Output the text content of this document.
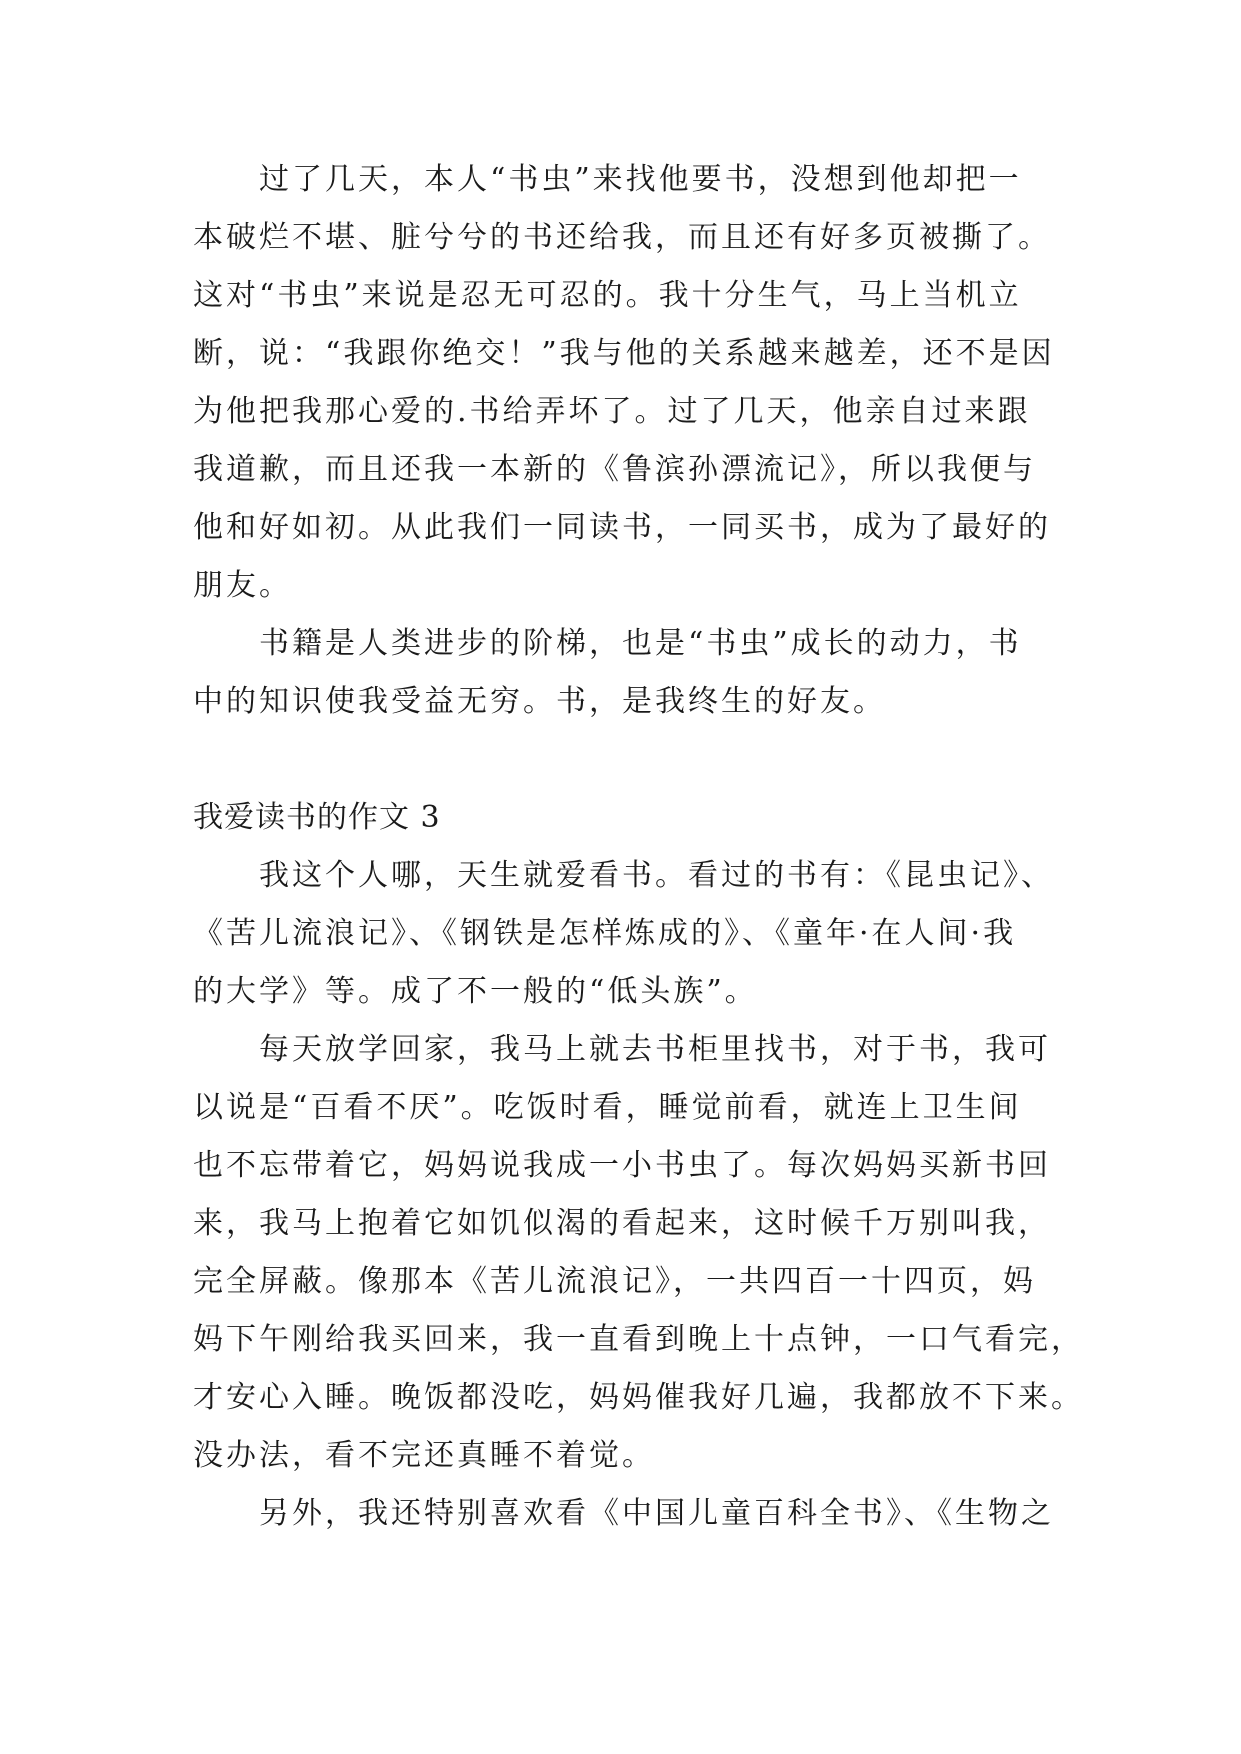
过了几天，本人“书虫”来找他要书，没想到他却把一

本破烂不堪、脏兮兮的书还给我，而且还有好多页被撕了。

这对“书虫”来说是忍无可忍的。我十分生气，马上当机立

断，说：“我跟你绝交！”我与他的关系越来越差，还不是因

为他把我那心爱的.书给弄坏了。过了几天，他亲自过来跟

我道歉，而且还我一本新的《鲁滨孙漂流记》，所以我便与

他和好如初。从此我们一同读书，一同买书，成为了最好的

朋友。

书籍是人类进步的阶梯，也是“书虫”成长的动力，书

中的知识使我受益无穷。书，是我终生的好友。

我爱读书的作文 3

我这个人哪，天生就爱看书。看过的书有：《昆虫记》、

《苦儿流浪记》、《钢铁是怎样炼成的》、《童年·在人间·我

的大学》等。成了不一般的“低头族”。

每天放学回家，我马上就去书柜里找书，对于书，我可

以说是“百看不厌”。吃饭时看，睡觉前看，就连上卫生间

也不忘带着它，妈妈说我成一小书虫了。每次妈妈买新书回

来，我马上抱着它如饥似渴的看起来，这时候千万别叫我，

完全屏蔽。像那本《苦儿流浪记》，一共四百一十四页，妈

妈下午刚给我买回来，我一直看到晚上十点钟，一口气看完，

才安心入睡。晚饭都没吃，妈妈催我好几遍，我都放不下来。

没办法，看不完还真睡不着觉。

另外，我还特别喜欢看《中国儿童百科全书》、《生物之
